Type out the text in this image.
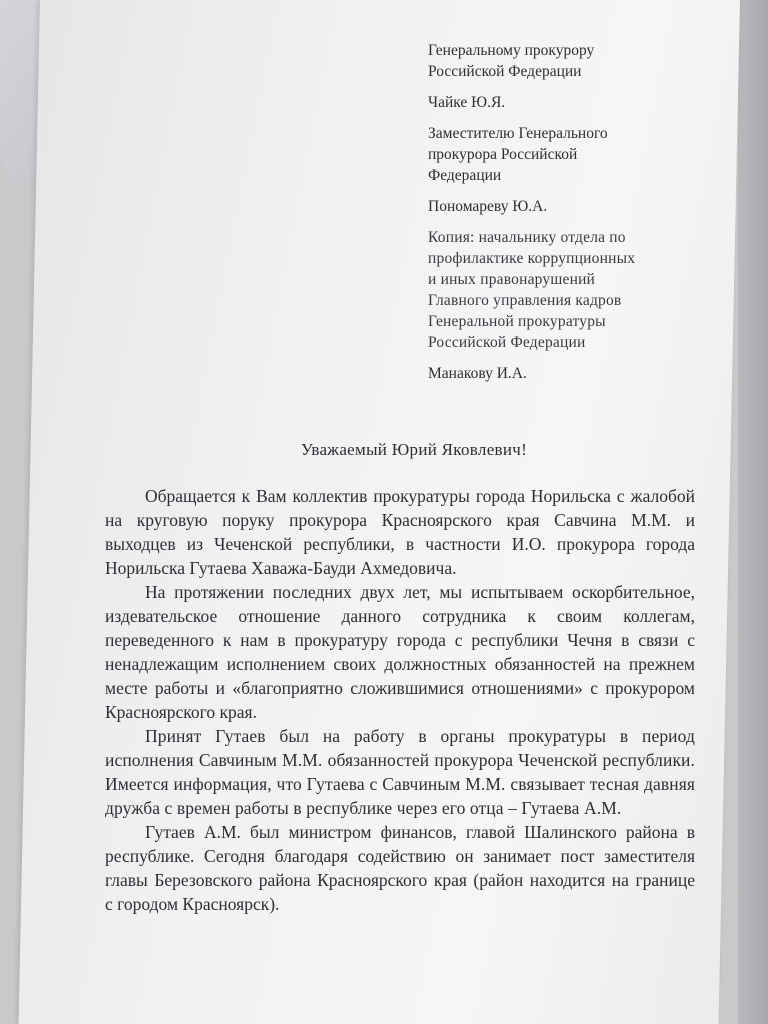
Генеральному прокурору
Российской Федерации
Чайке Ю.Я.
Заместителю Генерального
прокурора Российской
Федерации
Пономареву Ю.А.
Копия: начальнику отдела по
профилактике коррупционных
и иных правонарушений
Главного управления кадров
Генеральной прокуратуры
Российской Федерации
Манакову И.А.
Уважаемый Юрий Яковлевич!
Обращается к Вам коллектив прокуратуры города Норильска с жалобой
на круговую поруку прокурора Красноярского края Савчина М.М. и
выходцев из Чеченской республики, в частности И.О. прокурора города
Норильска Гутаева Хаважа-Бауди Ахмедовича.
На протяжении последних двух лет, мы испытываем оскорбительное,
издевательское отношение данного сотрудника к своим коллегам,
переведенного к нам в прокуратуру города с республики Чечня в связи с
ненадлежащим исполнением своих должностных обязанностей на прежнем
месте работы и «благоприятно сложившимися отношениями» с прокурором
Красноярского края.
Принят Гутаев был на работу в органы прокуратуры в период
исполнения Савчиным М.М. обязанностей прокурора Чеченской республики.
Имеется информация, что Гутаева с Савчиным М.М. связывает тесная давняя
дружба с времен работы в республике через его отца – Гутаева А.М.
Гутаев А.М. был министром финансов, главой Шалинского района в
республике. Сегодня благодаря содействию он занимает пост заместителя
главы Березовского района Красноярского края (район находится на границе
с городом Красноярск).
